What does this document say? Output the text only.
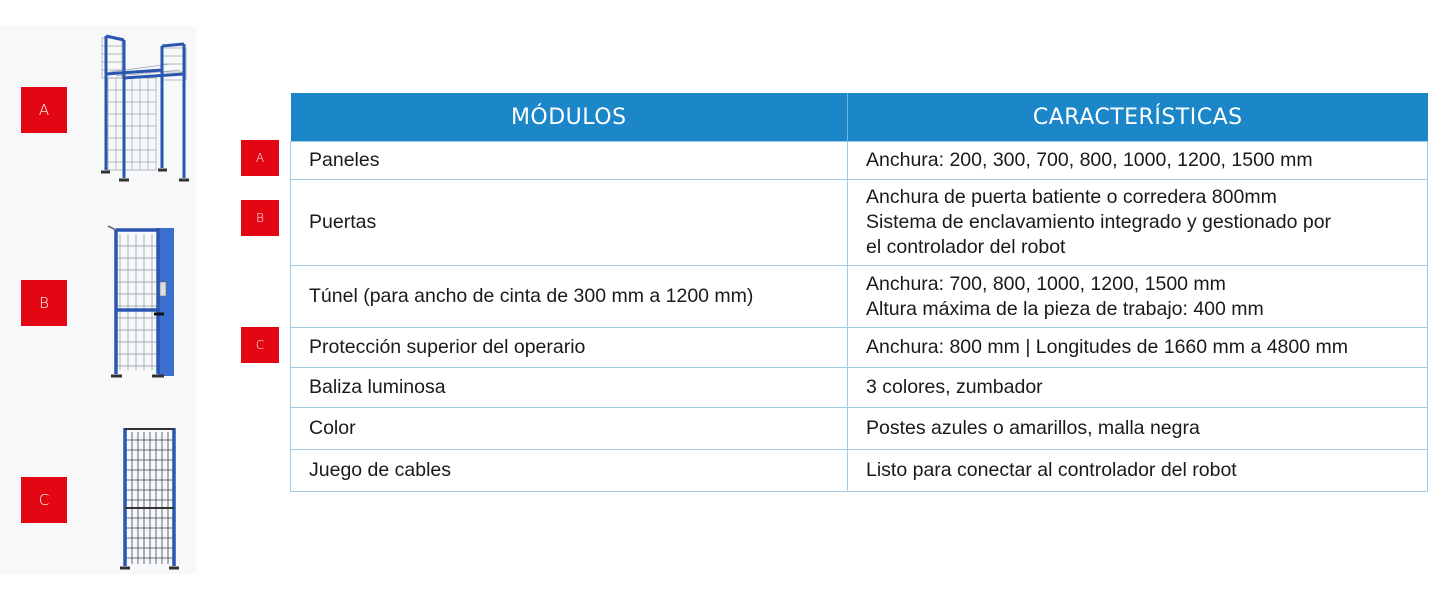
A
B
C
A
B
C
MÓDULOS	CARACTERÍSTICAS
Paneles	Anchura: 200, 300, 700, 800, 1000, 1200, 1500 mm

Puertas	Anchura de puerta batiente o corredera 800mm
Sistema de enclavamiento integrado y gestionado por
el controlador del robot

Túnel (para ancho de cinta de 300 mm a 1200 mm)	Anchura: 700, 800, 1000, 1200, 1500 mm
Altura máxima de la pieza de trabajo: 400 mm

Protección superior del operario	Anchura: 800 mm | Longitudes de 1660 mm a 4800 mm

Baliza luminosa	3 colores, zumbador

Color	Postes azules o amarillos, malla negra

Juego de cables	Listo para conectar al controlador del robot
